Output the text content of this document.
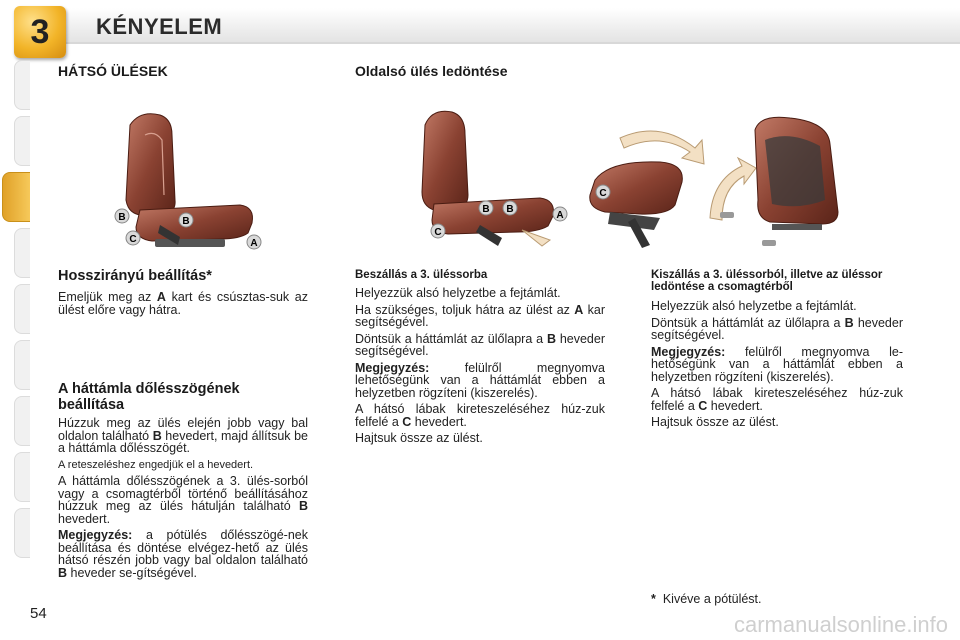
3	KÉNYELEM
HÁTSÓ ÜLÉSEK
B	B
C	A
Hosszirányú beállítás*

Emeljük meg az A kart és csúsztas-suk az ülést előre vagy hátra.

A háttámla dőlésszögének beállítása

Húzzuk meg az ülés elején jobb vagy bal oldalon található B hevedert, majd állítsuk be a háttámla dőlésszögét.

A reteszeléshez engedjük el a hevedert.

A háttámla dőlésszögének a 3. ülés-sorból vagy a csomagtérből történő beállításához húzzuk meg az ülés hátulján található B hevedert.

Megjegyzés: a pótülés dőlésszögé-nek beállítása és döntése elvégez-hető az ülés hátsó részén jobb vagy bal oldalon található B heveder se-gítségével.

54
Oldalsó ülés ledöntése
B B
C
A
C
Beszállás a 3. üléssorba

Helyezzük alsó helyzetbe a fejtámlát.

Ha szükséges, toljuk hátra az ülést az A kar segítségével.

Döntsük a háttámlát az ülőlapra a B heveder segítségével.

Megjegyzés: felülről megnyomva lehetőségünk van a háttámlát ebben a helyzetben rögzíteni (kiszerelés).

A hátsó lábak kireteszeléséhez húz-zuk felfelé a C hevedert.

Hajtsuk össze az ülést.

Kiszállás a 3. üléssorból, illetve az üléssor ledöntése a csomagtérből

Helyezzük alsó helyzetbe a fejtámlát.

Döntsük a háttámlát az ülőlapra a B heveder segítségével.

Megjegyzés: felülről megnyomva le-hetőségünk van a háttámlát ebben a helyzetben rögzíteni (kiszerelés).

A hátsó lábak kireteszeléséhez húz-zuk felfelé a C hevedert.

Hajtsuk össze az ülést.

* Kivéve a pótülést.
carmanualsonline.info
